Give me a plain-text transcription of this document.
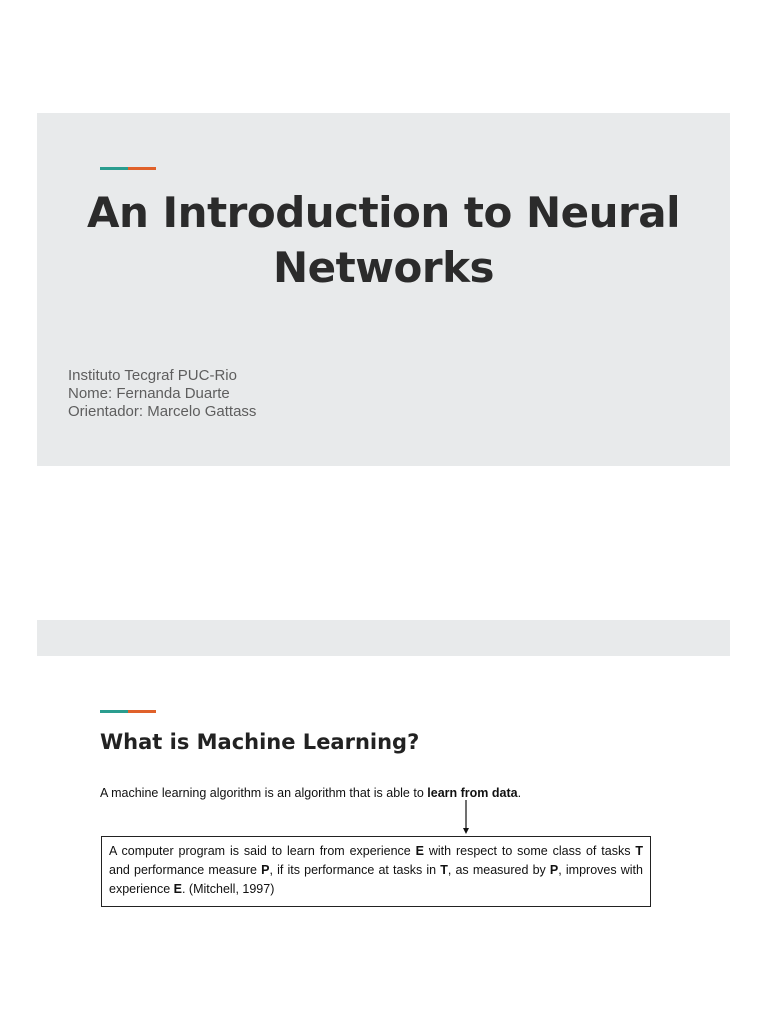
An Introduction to Neural Networks
Instituto Tecgraf PUC-Rio
Nome: Fernanda Duarte
Orientador: Marcelo Gattass
What is Machine Learning?
A machine learning algorithm is an algorithm that is able to learn from data.
A computer program is said to learn from experience E with respect to some class of tasks T and performance measure P, if its performance at tasks in T, as measured by P, improves with experience E. (Mitchell, 1997)
